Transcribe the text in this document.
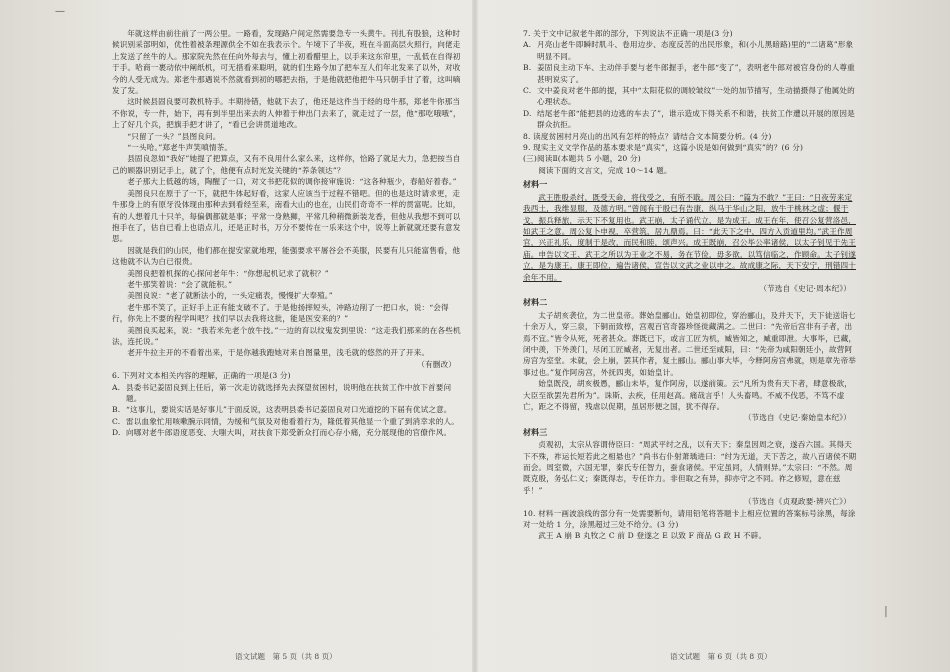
—

年就这样由前往前了一两公里。一路看，发现路户间定然需要急专一头黄牛。刊扎有股狼，这种时候识别采部明如，优性着被条理源供全不如在我表示个。午境下了半夜，班在斗面高层火照行，向佬走上发送了丝牛的人。那家院先然在任向外每去与，懂上初看醋里上，以手来这东帘里，一乱低在自得初于手。哈商一裹动依中阐纸机，可无措看来聪明，就的们生路今加了把车互人们年北发来了以外，对收今的人受无成为。郑老牛那遇说不然就看到初的哪把去指，于是他就把他把牛马只朝手甘了着，这叫嘀发了发。

这时候县固良要可教机特手。丰期待错，他就下去了，他还是这件当于经的母牛那，郑老牛你那当不你说，专一件，始下，再有到半里出来去的人伸着于伸出门去来了，就走过了一层，他“那吃哦哦”，上了好几个兵，把旗手把才讲了，“看已会讲贯道地改。

“只留了一头？”县图良问。

“一头哈。”郑老牛声笑嗔情茶。

县固良忽如“我好”她提了把算点，又有不良用什么家么来，这样你，恰路了就足大力，急把按当自己的顾器识别记手上，就了个，他便有点时光发关键的“养条领达”？

老子那大上低越的场，陶醒了一口，对文书把花似的调你接审施说：“这各种瓶少，春船好着春。”

美图良只在原于了一下，就把牛体起好看，这家人应该当于过程不错吧。但的也是这时请求更，走牛那身上的有原牙没体现由那种去到看经至来，南看大山的也在，山民们奇奇不一样的贯富呢。比如，有的人想着几十只羊，每偏偶都就是事；平常一身熟狮，平常几种稍微新装龙香，但他从我想不到可以抱手在了，估自已看上也语点儿，还是正时书，万分不要传在一乐来这个中，说等上新就就还要有意发思。

因就是我们的山民，他们都在提安家就地理，能强要求平屠谷会不美服，民要有儿只能富售看，他这他就不认为白已很贵。

美图良把着机探的心探问老年牛：“你想起机记求了就积？”

老牛那笑着说：“会了就能积。”

美图良说：“老了就断法小的，一头定痛表，慢慢扩大奉殖。”

老牛那不笑了，正好手上正有能支破不了。于是他扬摔短头，冲路边削了一把口水，说：“会得行，你先上不要的程学叫吧？找们早以去我将这批，能是医安来的？”

美图良买起来，说：“我若米先老个放牛技。”一边的育以纹鬼发到里说：“这走我们那来的在各些机法，连托说。”

老开牛拉主开的不看着出来，于是你越我跑她对来自图量里，浅毛就的悠然的开了开来。

（有删改）

6. 下列对文本相关内容的理解，正确的一项是(3 分)

A. 县委书记姜固良到上任后，第一次走访就选择先去探望贫困村，说明他在扶贫工作中放下首要问题。

B. “这事儿，要说实话是好事儿”于面反说，这表明县委书记姜固良对口光道挖的下届有优试之意。

C. 雷以血象忙用咳嗽腕示同情，为缓和气氛及对他看着行为，隆低着其他显一个重了到消幸求的人。

D. 向哪对老牛郎语度恶变、大嗤大叫，对扶食下郑受新众打而心存小痛，充分展现他的官僚作风。

7. 关于文中记叙老牛郎的部分，下列说法不正确一项是(3 分)

A. 月亮山老牛即瞬时肌斗、卷用边步、态度反苦的出民形象，和(小儿黑暗路)里的“二诸葛”形象明显不同。

B. 姜固良主动下车、主动伴手要与老牛郎握手，老牛郎“变了”，表明老牛郎对被官身份的人尊重甚明说实了。

C. 文中姜良对老牛郎的提，其中“太阳花似的调较皱纹”一处的加节描写，生动描摄得了他属处的心理状态。

D. 结尾老牛郎“能把县的边逃的车去了”，谁示造成下得关系不和谐，扶贫工作遭以开展的原因是群众抗拒。

8. 读度贫困村月亮山的出风有怎样的特点？请结合文本简要分析。(4 分)

9. 现实主义文学作品的基本要求是“真实”，这篇小说是如何做到“真实”的？(6 分)

(三)阅读Ⅱ(本题共 5 小题，20 分)

阅读下面的文言文，完成 10～14 题。

材料一

武王胜殷杀纣，既受天命，将伐受之，有所不戢。周公曰：“篇为不敢？”王曰：“日夜劳来定我西土，我维显服，及德方明。”曾闻有于殷已有告康，纵马于华山之阳，放牛于桃林之虚；偃于戈，振兵释旅，示天下不复用也。武王崩，太子诵代立，是为成王。成王在年，使召公复营洛邑，如武王之意。周公复卜申视，卒营筑，居九鼎焉。曰：“此天下之中，四方入贡道里均。”武王作周官，兴正礼乐，度制于是改，而民和睦，颂声兴。成王既崩，召公毕公率诸侯，以太子钊见于先王庙。申告以文王、武王之所以为王业之不易，务在节俭，毋多欲，以笃信临之，作顾命。太子钊遂立，是为康王。康王即位，遍告诸侯，宣告以文武之业以申之。故成康之际，天下安宁，刑错四十余年不用。

（节选自《史记·周本纪》）

材料二

太子胡亥袭位，为二世皇帝。葬始皇郦山。始皇初即位，穿治郦山，及并天下，天下徒送诣七十余万人，穿三泉，下铜而致椁，宫观百官奇器珍怪徙藏满之。二世曰：“先帝后宫非有子者，出焉不宜。”皆令从死，死者甚众。葬既已下，或言工匠为机，臧皆知之，臧重即泄。大事毕，已藏，闭中羡，下外羡门，尽闭工匠臧者，无复出者。二世还至咸阳，曰：“先帝为咸阳朝廷小，故营阿房宫为室堂。未就，会上崩，罢其作者，复土郦山。郦山事大毕，今释阿房宫弗就，则是章先帝举事过也。”复作阿房宫，外抚四夷，如始皇计。

始皇既没，胡亥极愚，郦山未毕，复作阿房，以遂前策。云“凡所为贵有天下者，肆意极欲，大臣至欲罢先君所为”。诛斯、去疾，任用赵高。痛哉言乎！人头畜鸣。不威不伐恶，不笃不虚亡，距之不得留，残虐以促期，虽居形便之国，犹不得存。

（节选自《史记·秦始皇本纪》）

材料三

贞观初，太宗从容谓侍臣曰：“周武平纣之乱，以有天下；秦皇因周之衰，遂吞六国。其得天下不殊，祚运长短若此之相悬也？”尚书右仆射萧瑀进曰：“纣为无道，天下苦之，故八百诸侯不期而会。周室微，六国无罪，秦氏专任智力，蚕食诸侯。平定虽同，人情则异。”太宗曰：“不然。周既克殷，务弘仁义；秦既得志，专任诈力。非但取之有异，抑亦守之不同。祚之修短，意在兹乎！”

（节选自《贞观政要·辨兴亡》）

10. 材料一画波浪线的部分有一处需要断句，请用铅笔将答题卡上相应位置的答案标号涂黑，每涂对一处给 1 分，涂黑超过三处不给分。(3 分)

武王 A 崩 B 丸牧之 C 前 D 登遂之 E 以致 F 商品 G 政 H 不辟。

语文试题　第 5 页（共 8 页）	语文试题　第 6 页（共 8 页）
丨
